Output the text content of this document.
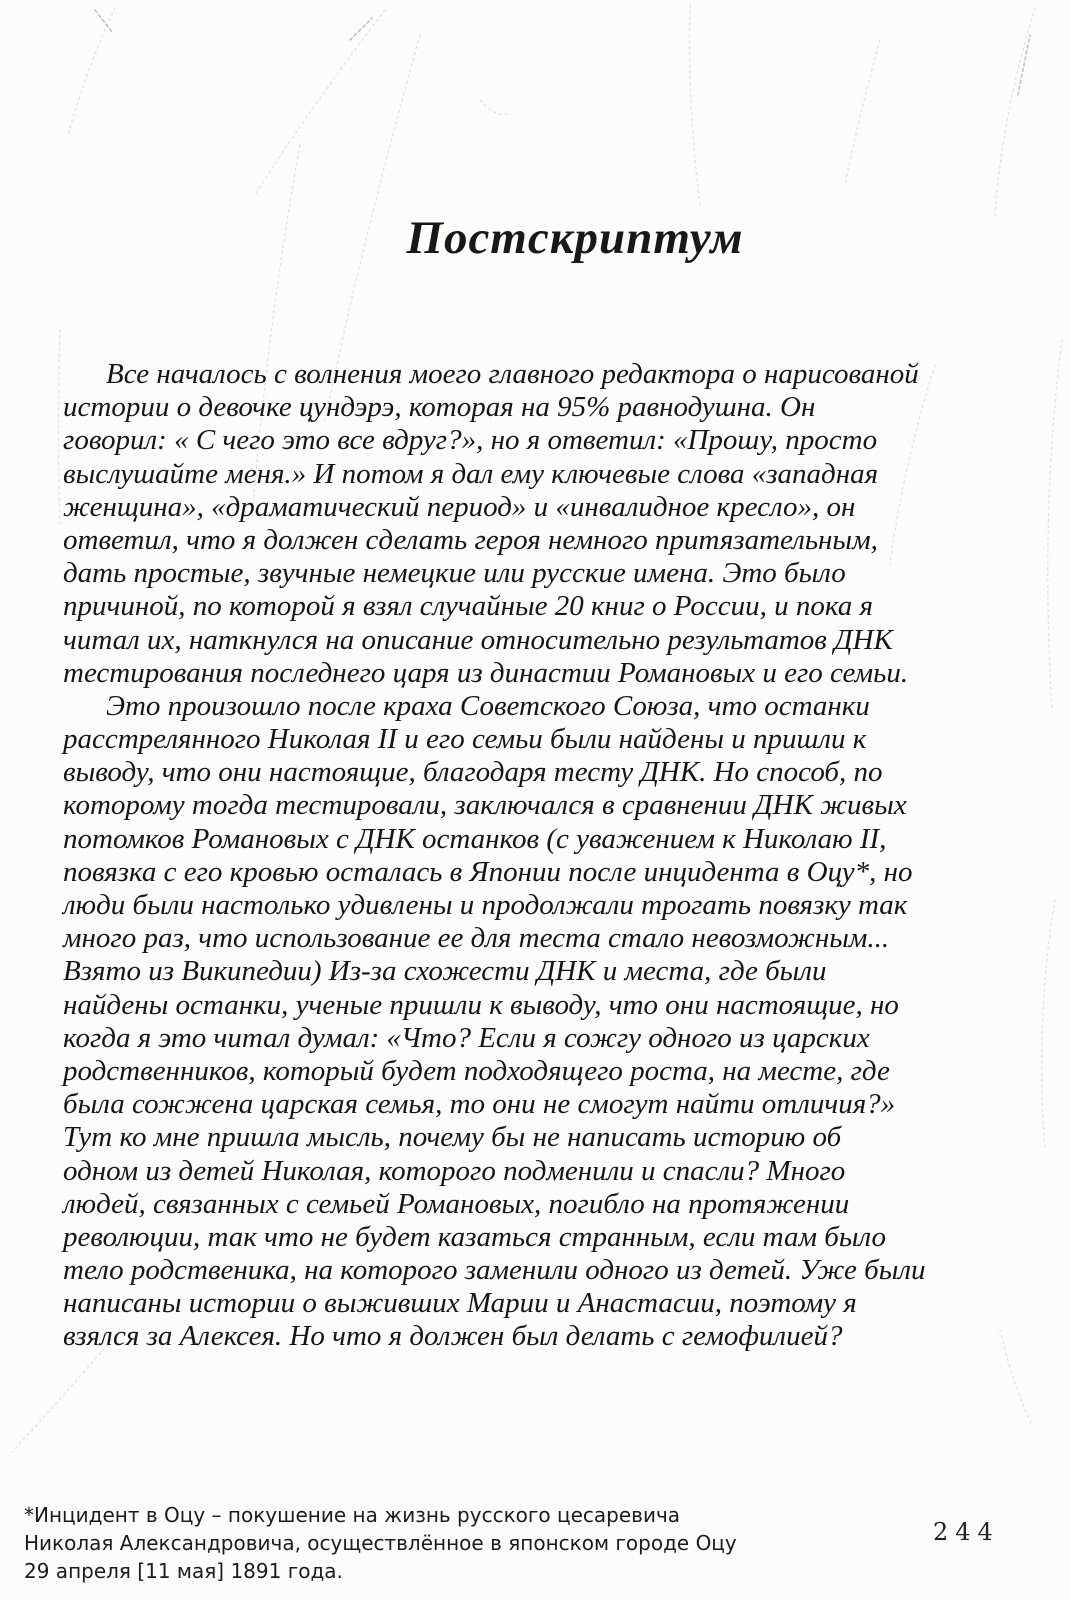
Постскриптум
Все началось с волнения моего главного редактора о нарисованой
истории о девочке цундэрэ, которая на 95% равнодушна. Он
говорил: « С чего это все вдруг?», но я ответил: «Прошу, просто
выслушайте меня.» И потом я дал ему ключевые слова «западная
женщина», «драматический период» и «инвалидное кресло», он
ответил, что я должен сделать героя немного притязательным,
дать простые, звучные немецкие или русские имена. Это было
причиной, по которой я взял случайные 20 книг о России, и пока я
читал их, наткнулся на описание относительно результатов ДНК
тестирования последнего царя из династии Романовых и его семьи.
Это произошло после краха Советского Союза, что останки
расстрелянного Николая II и его семьи были найдены и пришли к
выводу, что они настоящие, благодаря тесту ДНК. Но способ, по
которому тогда тестировали, заключался в сравнении ДНК живых
потомков Романовых с ДНК останков (с уважением к Николаю II,
повязка с его кровью осталась в Японии после инцидента в Оцу*, но
люди были настолько удивлены и продолжали трогать повязку так
много раз, что использование ее для теста стало невозможным...
Взято из Википедии) Из-за схожести ДНК и места, где были
найдены останки, ученые пришли к выводу, что они настоящие, но
когда я это читал думал: «Что? Если я сожгу одного из царских
родственников, который будет подходящего роста, на месте, где
была сожжена царская семья, то они не смогут найти отличия?»
Тут ко мне пришла мысль, почему бы не написать историю об
одном из детей Николая, которого подменили и спасли? Много
людей, связанных с семьей Романовых, погибло на протяжении
революции, так что не будет казаться странным, если там было
тело родственика, на которого заменили одного из детей. Уже были
написаны истории о выживших Марии и Анастасии, поэтому я
взялся за Алексея. Но что я должен был делать с гемофилией?
*Инцидент в Оцу – покушение на жизнь русского цесаревича
Николая Александровича, осуществлённое в японском городе Оцу
29 апреля [11 мая] 1891 года.
244
